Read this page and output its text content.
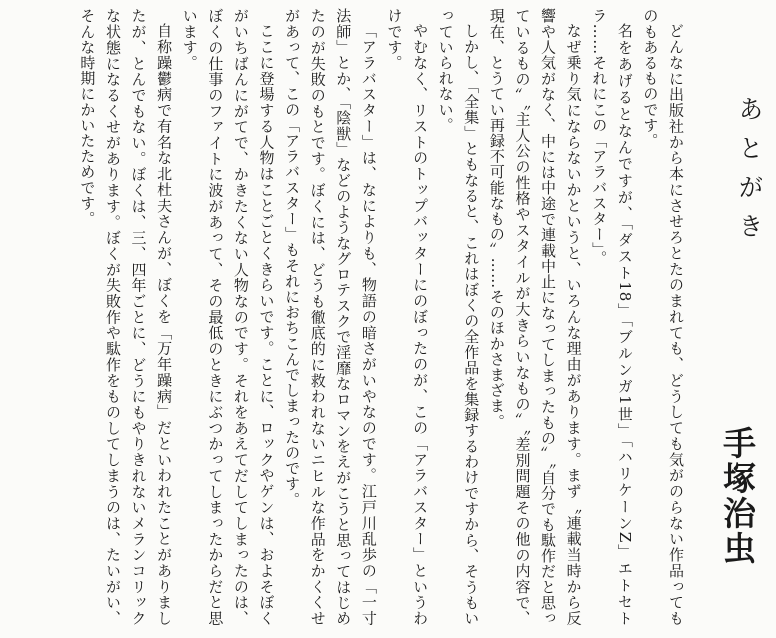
あとがき
手塚治虫

どんなに出版社から本にさせろとたのまれても、どうしても気がのらない作品ってものもあるものです。

名をあげるとなんですが、「ダスト18」「ブルンガ1世」「ハリケーンZ」エトセトラ……それにこの「アラバスター」。

なぜ乗り気にならないかというと、いろんな理由があります。まず〝連載当時から反響や人気がなく、中には中途で連載中止になってしまったもの〟〝自分でも駄作だと思っているもの〟〝主人公の性格やスタイルが大きらいなもの〟〝差別問題その他の内容で、現在、とうてい再録不可能なもの〟……そのほかさまざま。

しかし、「全集」ともなると、これはぼくの全作品を集録するわけですから、そうもいっていられない。

やむなく、リストのトップバッターにのぼったのが、この「アラバスター」というわけです。

「アラバスター」は、なによりも、物語の暗さがいやなのです。江戸川乱歩の「一寸法師」とか、「陰獣」などのようなグロテスクで淫靡なロマンをえがこうと思ってはじめたのが失敗のもとです。ぼくには、どうも徹底的に救われないニヒルな作品をかくくせがあって、この「アラバスター」もそれにおちこんでしまったのです。

ここに登場する人物はことごとくきらいです。ことに、ロックやゲンは、およそぼくがいちばんにがてで、かきたくない人物なのです。それをあえてだしてしまったのは、ぼくの仕事のファイトに波があって、その最低のときにぶつかってしまったからだと思います。

自称躁鬱病で有名な北杜夫さんが、ぼくを「万年躁病」だといわれたことがありましたが、とんでもない。ぼくは、三、四年ごとに、どうにもやりきれないメランコリックな状態になるくせがあります。ぼくが失敗作や駄作をものしてしまうのは、たいがい、そんな時期にかいたためです。
